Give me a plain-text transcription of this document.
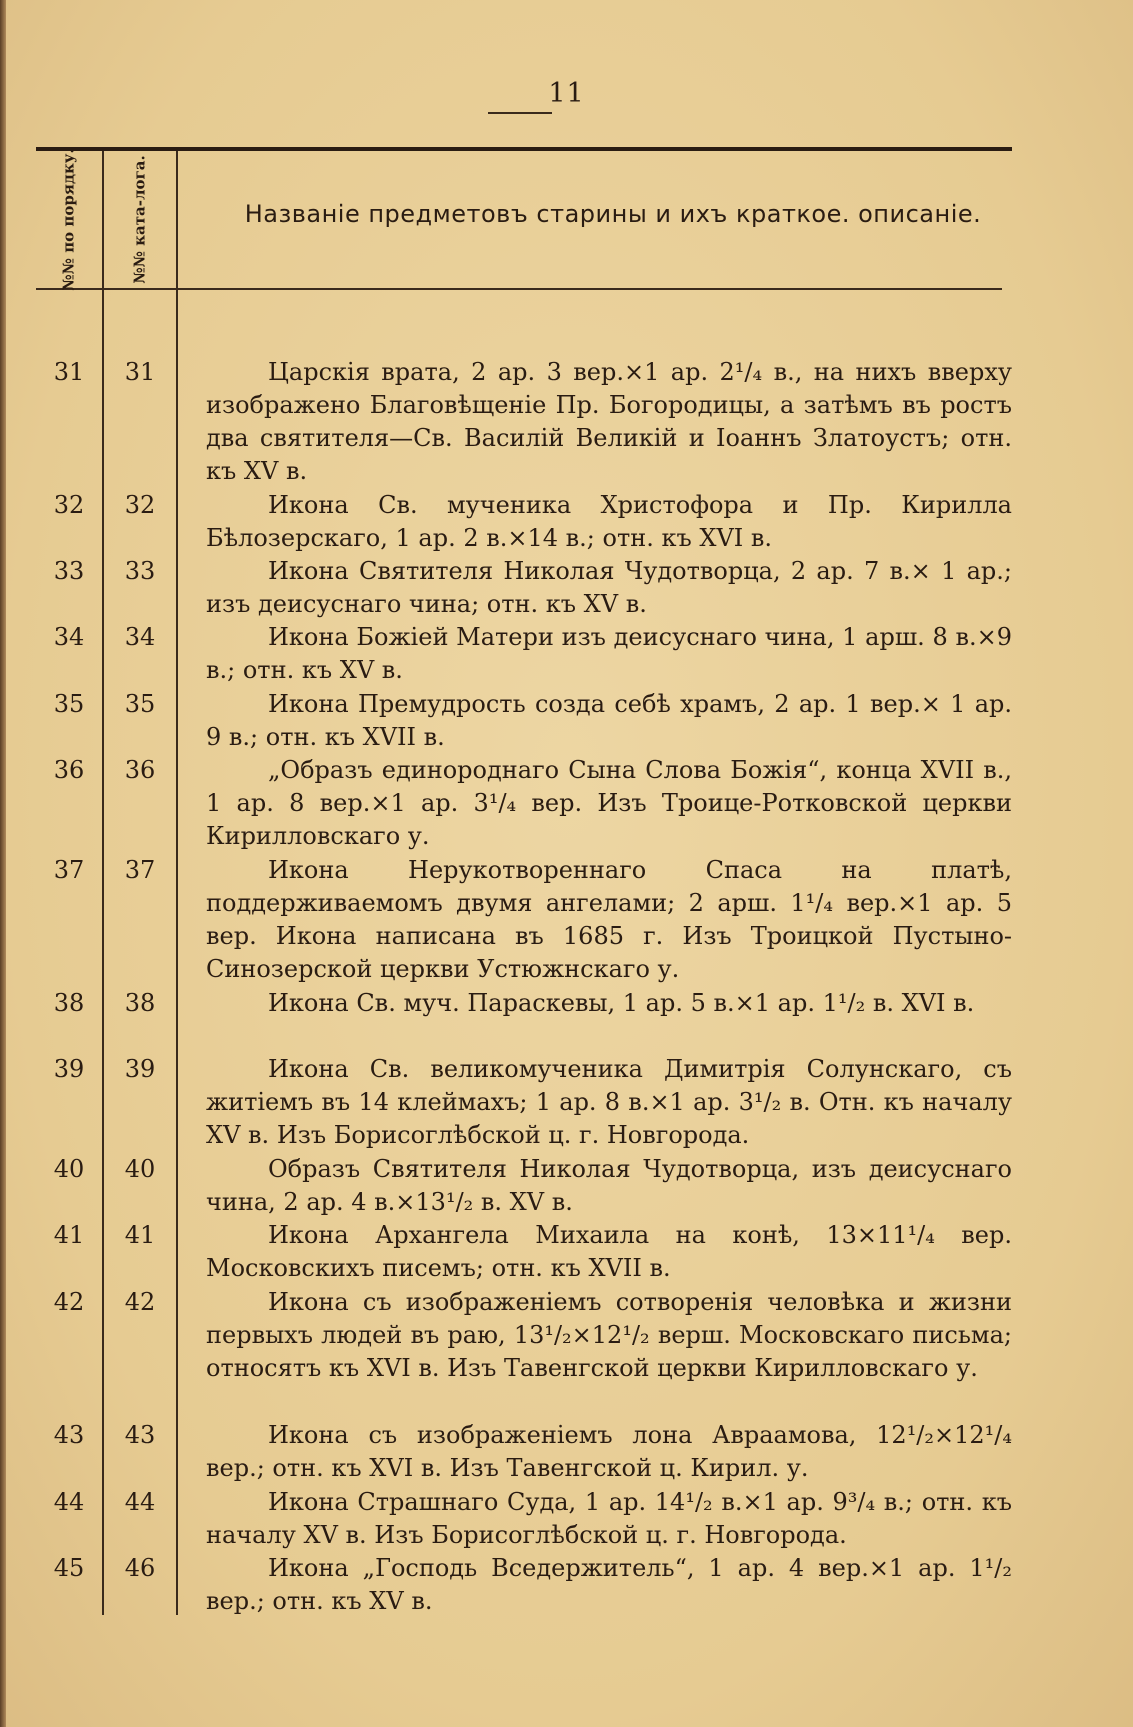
11
№№ по порядку.	№№ ката-лога.	Названіе предметовъ старины и ихъ краткое. описаніе.
31	31	Царскія врата, 2 ар. 3 вер.×1 ар. 2¹/₄ в., на нихъ вверху изображено Благовѣщеніе Пр. Богородицы, а затѣмъ въ ростъ два святителя—Св. Василій Великій и Іоаннъ Златоустъ; отн. къ XV в.
32	32	Икона Св. мученика Христофора и Пр. Кирилла Бѣлозерскаго, 1 ар. 2 в.×14 в.; отн. къ XVI в.
33	33	Икона Святителя Николая Чудотворца, 2 ар. 7 в.× 1 ар.; изъ деисуснаго чина; отн. къ XV в.
34	34	Икона Божіей Матери изъ деисуснаго чина, 1 арш. 8 в.×9 в.; отн. къ XV в.
35	35	Икона Премудрость созда себѣ храмъ, 2 ар. 1 вер.× 1 ар. 9 в.; отн. къ XVII в.
36	36	„Образъ единороднаго Сына Слова Божія“, конца XVII в., 1 ар. 8 вер.×1 ар. 3¹/₄ вер. Изъ Троице-Ротковской церкви Кирилловскаго у.
37	37	Икона Нерукотвореннаго Спаса на платѣ, поддерживаемомъ двумя ангелами; 2 арш. 1¹/₄ вер.×1 ар. 5 вер. Икона написана въ 1685 г. Изъ Троицкой Пустыно-Синозерской церкви Устюжнскаго у.
38	38	Икона Св. муч. Параскевы, 1 ар. 5 в.×1 ар. 1¹/₂ в. XVI в.
39	39	Икона Св. великомученика Димитрія Солунскаго, съ житіемъ въ 14 клеймахъ; 1 ар. 8 в.×1 ар. 3¹/₂ в. Отн. къ началу XV в. Изъ Борисоглѣбской ц. г. Новгорода.
40	40	Образъ Святителя Николая Чудотворца, изъ деисуснаго чина, 2 ар. 4 в.×13¹/₂ в. XV в.
41	41	Икона Архангела Михаила на конѣ, 13×11¹/₄ вер. Московскихъ писемъ; отн. къ XVII в.
42	42	Икона съ изображеніемъ сотворенія человѣка и жизни первыхъ людей въ раю, 13¹/₂×12¹/₂ верш. Московскаго письма; относятъ къ XVI в. Изъ Тавенгской церкви Кирилловскаго у.
43	43	Икона съ изображеніемъ лона Авраамова, 12¹/₂×12¹/₄ вер.; отн. къ XVI в. Изъ Тавенгской ц. Кирил. у.
44	44	Икона Страшнаго Суда, 1 ар. 14¹/₂ в.×1 ар. 9³/₄ в.; отн. къ началу XV в. Изъ Борисоглѣбской ц. г. Новгорода.
45	46	Икона „Господь Вседержитель“, 1 ар. 4 вер.×1 ар. 1¹/₂ вер.; отн. къ XV в.
